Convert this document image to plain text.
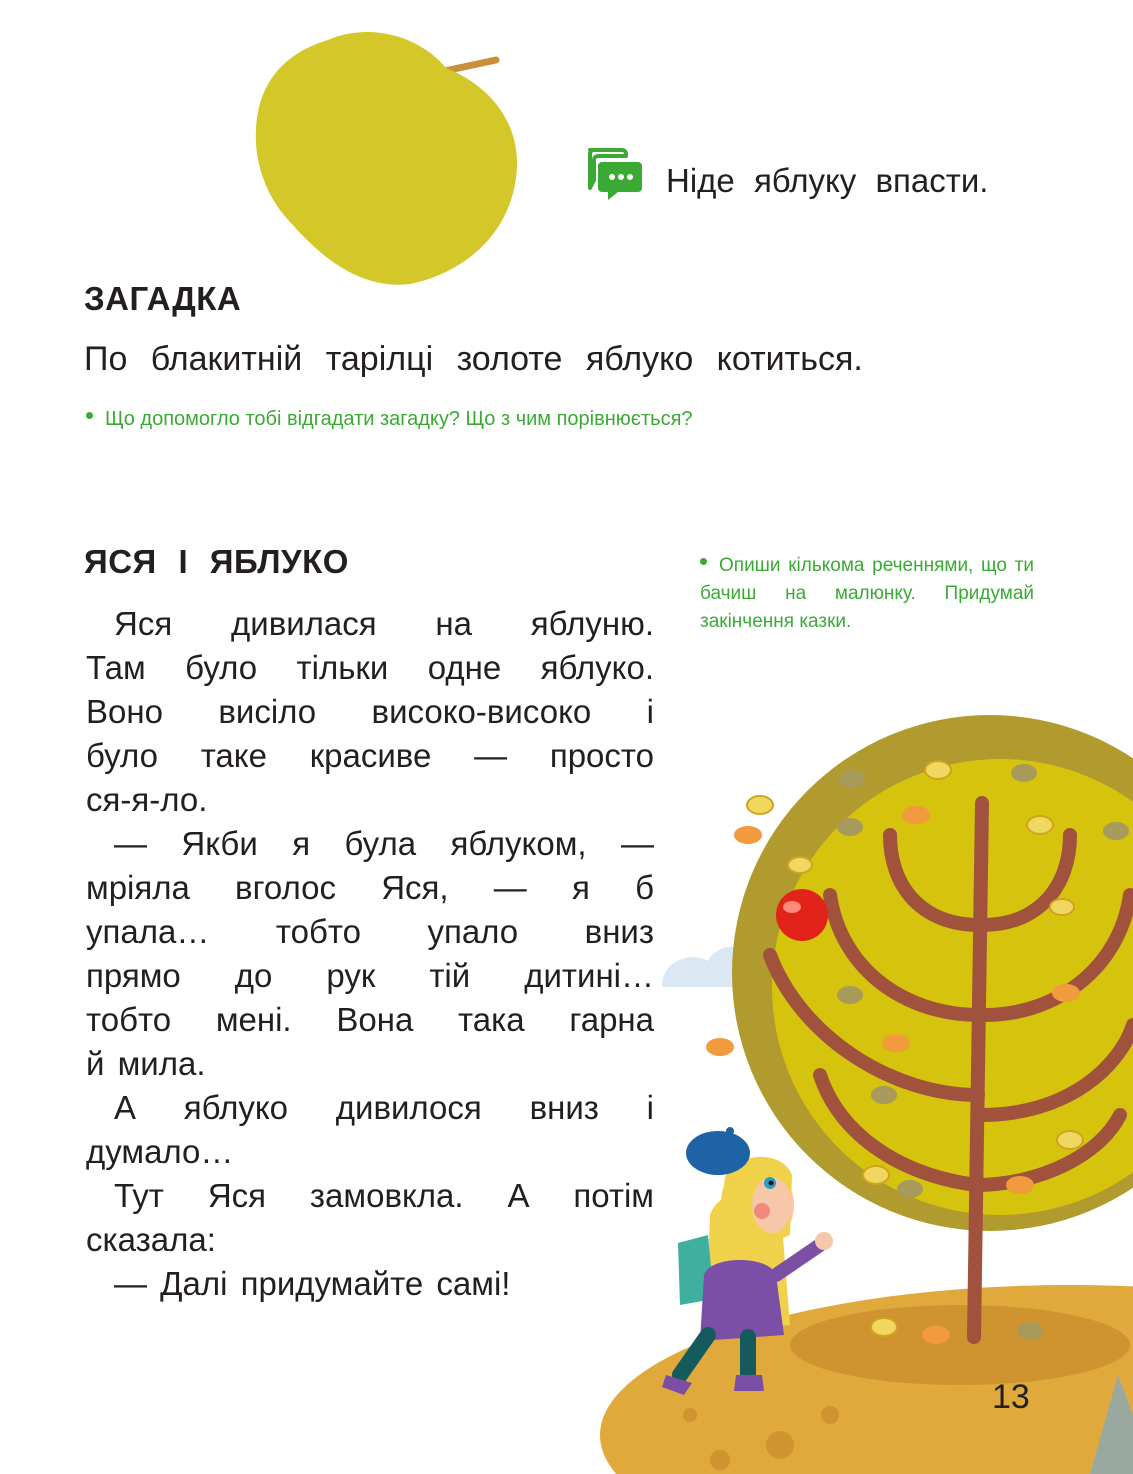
Ніде яблуку впасти.
ЗАГАДКА
По блакитній тарілці золоте яблуко котиться.
Що допомогло тобі відгадати загадку? Що з чим порівнюється?
ЯСЯ І ЯБЛУКО

Яся дивилася на яблуню.

Там було тільки одне яблуко.

Воно висіло високо-високо і

було таке красиве — просто

ся-я-ло.

— Якби я була яблуком, —

мріяла вголос Яся, — я б

упала… тобто упало вниз

прямо до рук тій дитині…

тобто мені. Вона така гарна

й мила.

А яблуко дивилося вниз і

думало…

Тут Яся замовкла. А потім

сказала:

— Далі придумайте самі!

Опиши кількома реченнями, що ти бачиш на малюнку. Придумай закінчення казки.
13
